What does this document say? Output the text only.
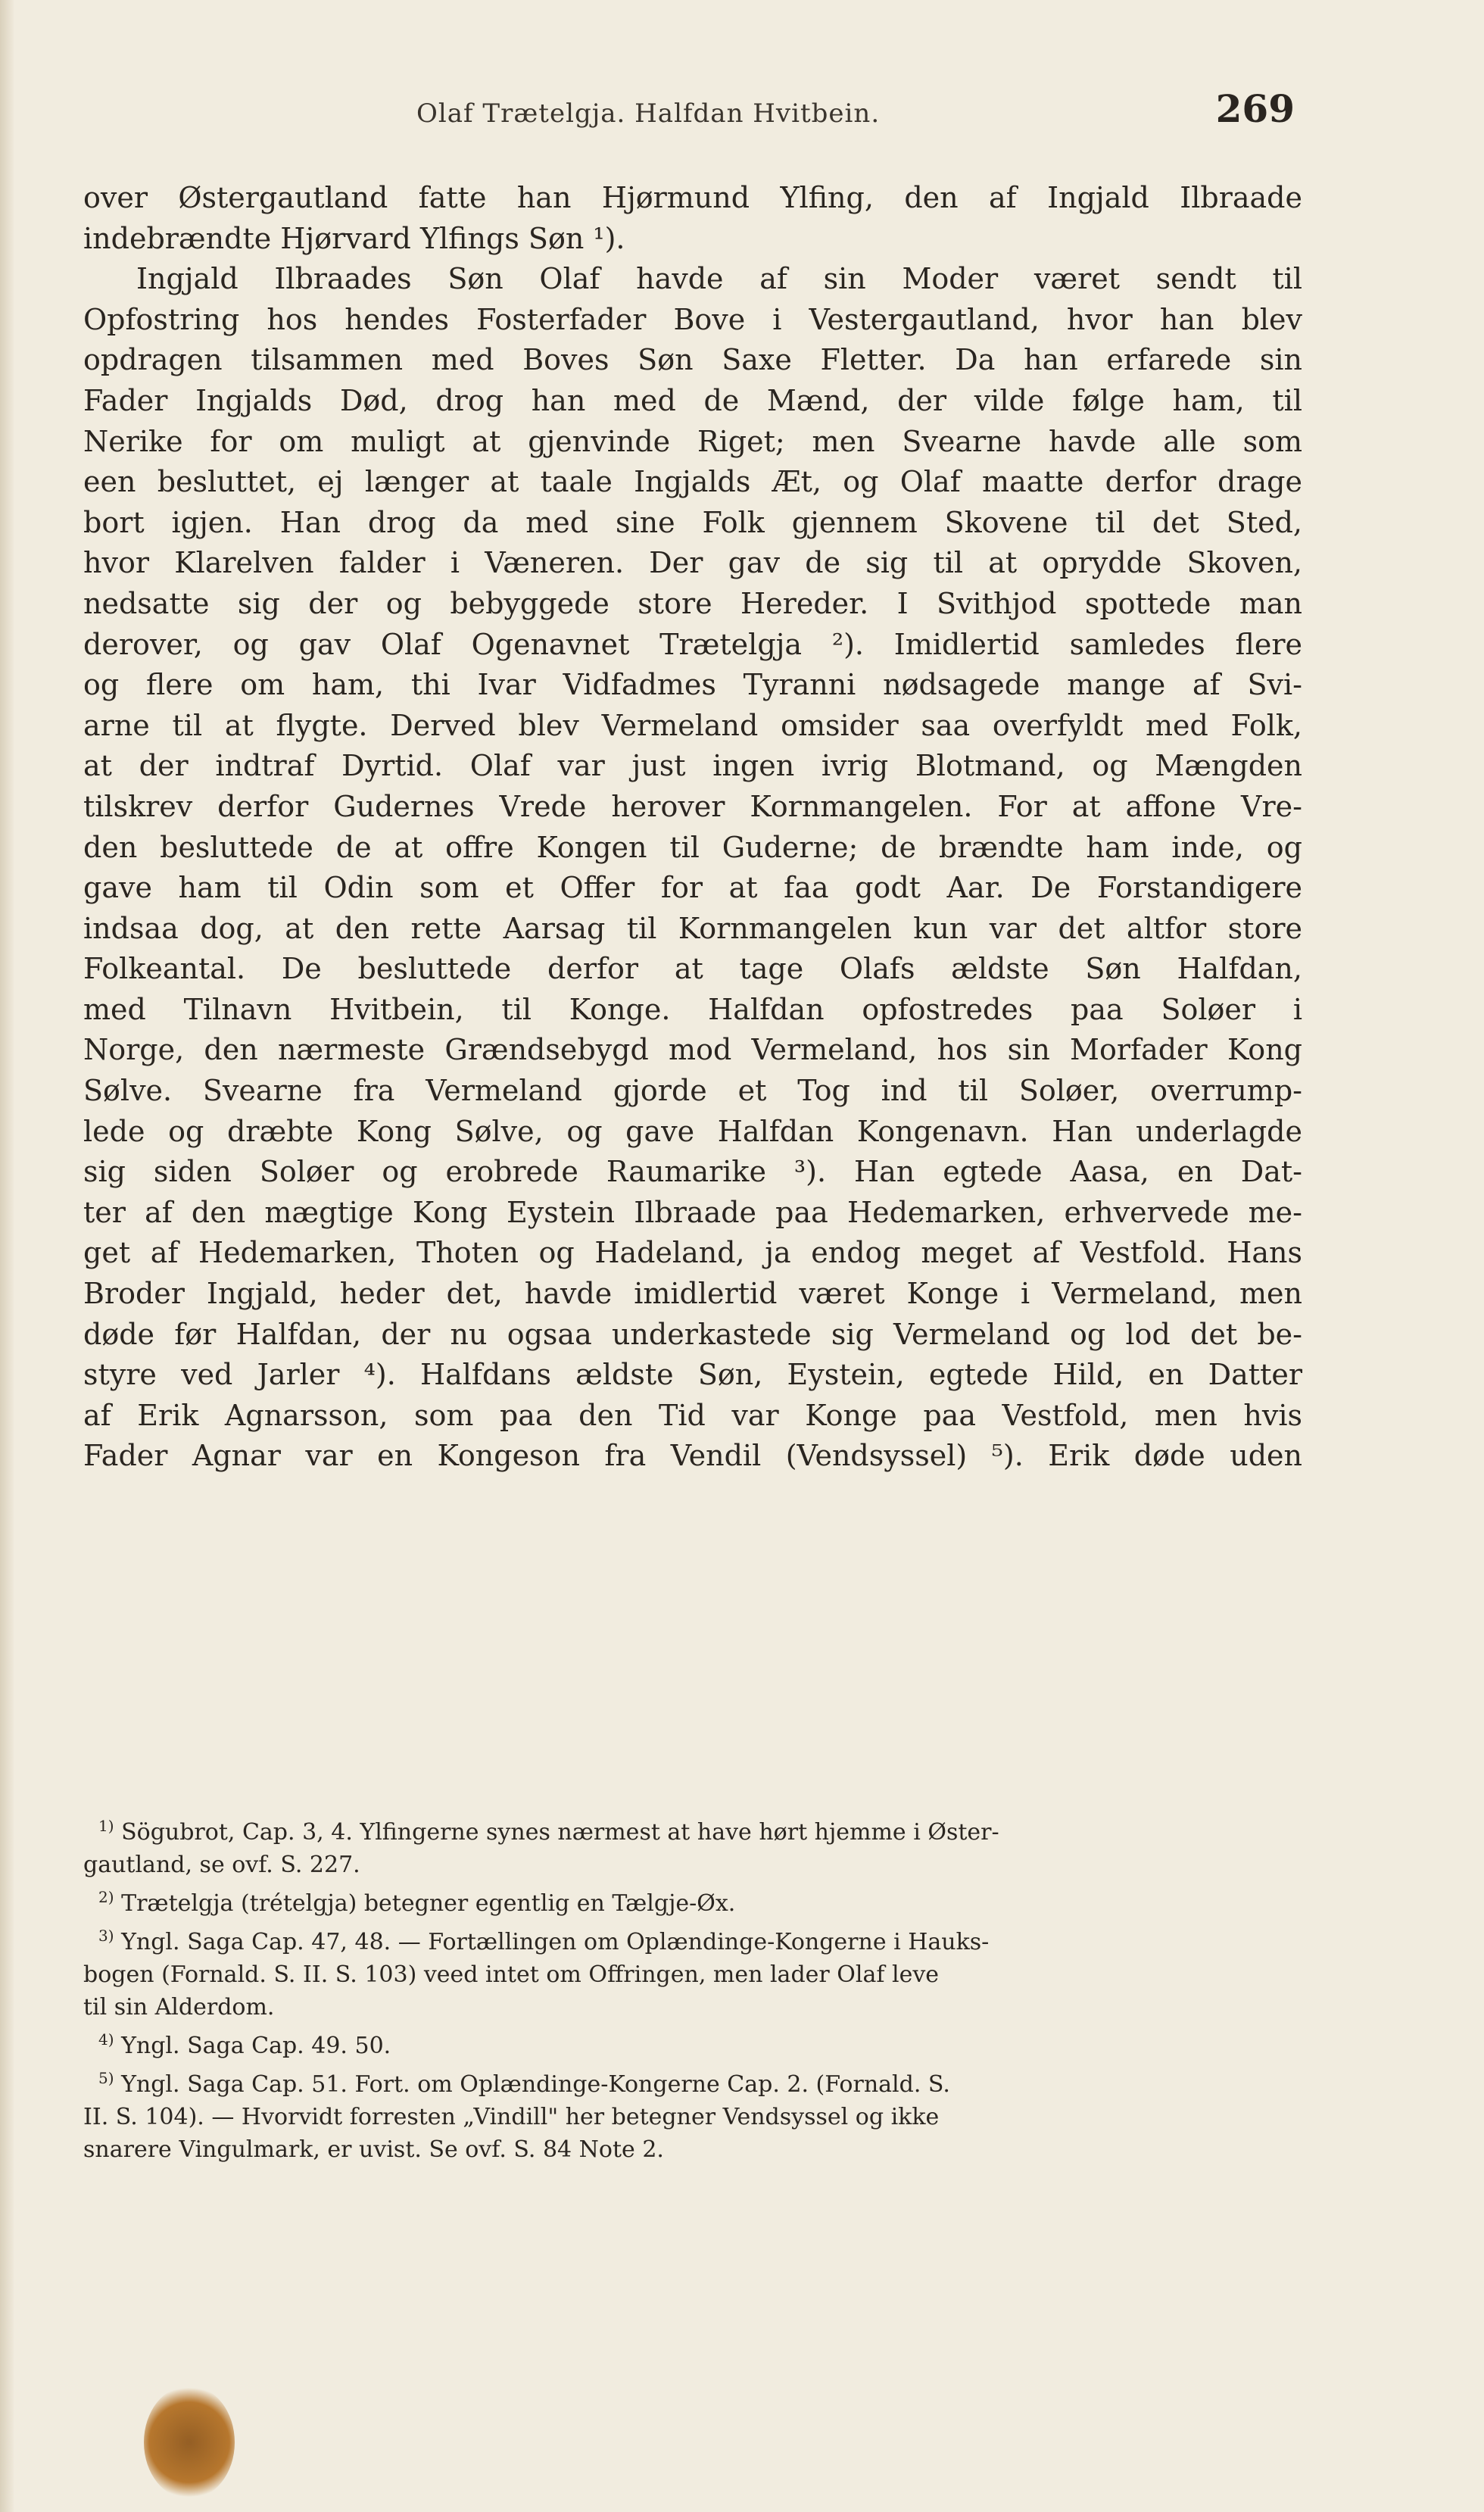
Olaf Trætelgja. Halfdan Hvitbein.	269
over Østergautland fatte han Hjørmund Ylfing, den af Ingjald Ilbraade
indebrændte Hjørvard Ylfings Søn ¹).
Ingjald Ilbraades Søn Olaf havde af sin Moder været sendt til
Opfostring hos hendes Fosterfader Bove i Vestergautland, hvor han blev
opdragen tilsammen med Boves Søn Saxe Fletter. Da han erfarede sin
Fader Ingjalds Død, drog han med de Mænd, der vilde følge ham, til
Nerike for om muligt at gjenvinde Riget; men Svearne havde alle som
een besluttet, ej længer at taale Ingjalds Æt, og Olaf maatte derfor drage
bort igjen. Han drog da med sine Folk gjennem Skovene til det Sted,
hvor Klarelven falder i Væneren. Der gav de sig til at oprydde Skoven,
nedsatte sig der og bebyggede store Hereder. I Svithjod spottede man
derover, og gav Olaf Ogenavnet Trætelgja ²). Imidlertid samledes flere
og flere om ham, thi Ivar Vidfadmes Tyranni nødsagede mange af Svi-
arne til at flygte. Derved blev Vermeland omsider saa overfyldt med Folk,
at der indtraf Dyrtid. Olaf var just ingen ivrig Blotmand, og Mængden
tilskrev derfor Gudernes Vrede herover Kornmangelen. For at affone Vre-
den besluttede de at offre Kongen til Guderne; de brændte ham inde, og
gave ham til Odin som et Offer for at faa godt Aar. De Forstandigere
indsaa dog, at den rette Aarsag til Kornmangelen kun var det altfor store
Folkeantal. De besluttede derfor at tage Olafs ældste Søn Halfdan,
med Tilnavn Hvitbein, til Konge. Halfdan opfostredes paa Soløer i
Norge, den nærmeste Grændsebygd mod Vermeland, hos sin Morfader Kong
Sølve. Svearne fra Vermeland gjorde et Tog ind til Soløer, overrump-
lede og dræbte Kong Sølve, og gave Halfdan Kongenavn. Han underlagde
sig siden Soløer og erobrede Raumarike ³). Han egtede Aasa, en Dat-
ter af den mægtige Kong Eystein Ilbraade paa Hedemarken, erhvervede me-
get af Hedemarken, Thoten og Hadeland, ja endog meget af Vestfold. Hans
Broder Ingjald, heder det, havde imidlertid været Konge i Vermeland, men
døde før Halfdan, der nu ogsaa underkastede sig Vermeland og lod det be-
styre ved Jarler ⁴). Halfdans ældste Søn, Eystein, egtede Hild, en Datter
af Erik Agnarsson, som paa den Tid var Konge paa Vestfold, men hvis
Fader Agnar var en Kongeson fra Vendil (Vendsyssel) ⁵). Erik døde uden
$^{1)}$ Sögubrot, Cap. 3, 4. Ylfingerne synes nærmest at have hørt hjemme i Øster-
gautland, se ovf. S. 227.
$^{2)}$ Trætelgja (trételgja) betegner egentlig en Tælgje-Øx.
$^{3)}$ Yngl. Saga Cap. 47, 48. — Fortællingen om Oplændinge-Kongerne i Hauks-
bogen (Fornald. S. II. S. 103) veed intet om Offringen, men lader Olaf leve
til sin Alderdom.
$^{4)}$ Yngl. Saga Cap. 49. 50.
$^{5)}$ Yngl. Saga Cap. 51. Fort. om Oplændinge-Kongerne Cap. 2. (Fornald. S.
II. S. 104). — Hvorvidt forresten „Vindill" her betegner Vendsyssel og ikke
snarere Vingulmark, er uvist. Se ovf. S. 84 Note 2.
